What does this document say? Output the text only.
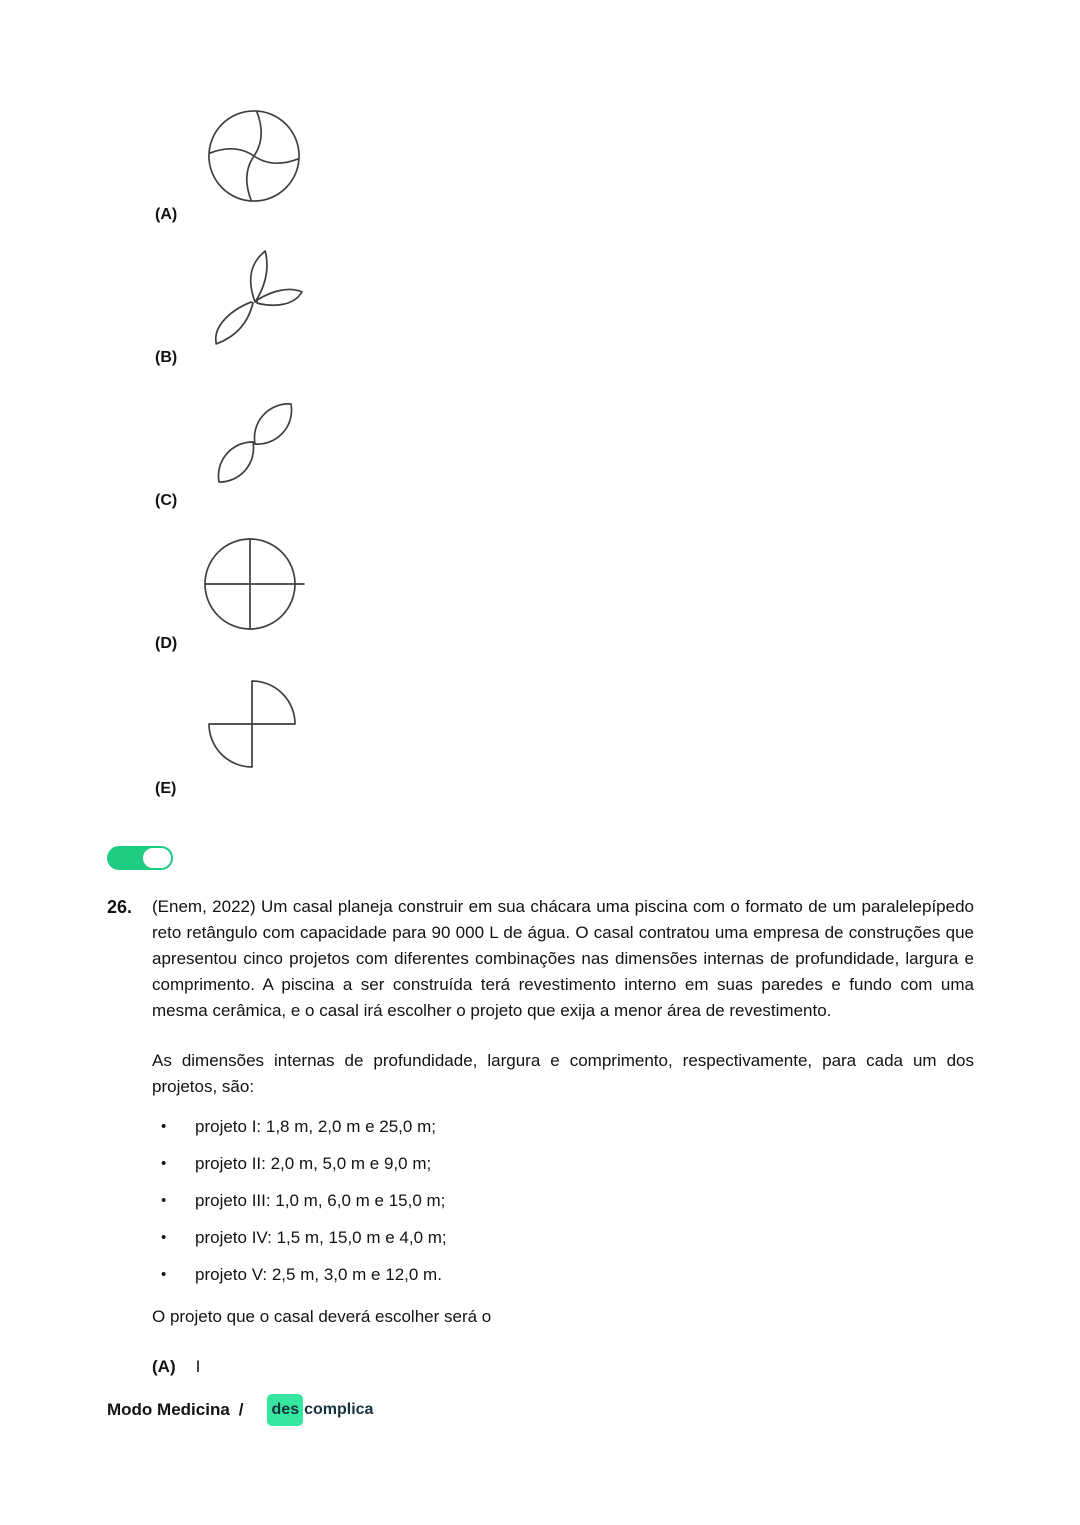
(A)
(B)
(C)
(D)
(E)
26.	(Enem, 2022) Um casal planeja construir em sua chácara uma piscina com o formato de um paralelepípedo reto retângulo com capacidade para 90 000 L de água. O casal contratou uma empresa de construções que apresentou cinco projetos com diferentes combinações nas dimensões internas de profundidade, largura e comprimento. A piscina a ser construída terá revestimento interno em suas paredes e fundo com uma mesma cerâmica, e o casal irá escolher o projeto que exija a menor área de revestimento.

As dimensões internas de profundidade, largura e comprimento, respectivamente, para cada um dos projetos, são:

•	projeto I: 1,8 m, 2,0 m e 25,0 m;
•	projeto II: 2,0 m, 5,0 m e 9,0 m;
•	projeto III: 1,0 m, 6,0 m e 15,0 m;
•	projeto IV: 1,5 m, 15,0 m e 4,0 m;
•	projeto V: 2,5 m, 3,0 m e 12,0 m.

O projeto que o casal deverá escolher será o

(A) I
Modo Medicina /	des complica
